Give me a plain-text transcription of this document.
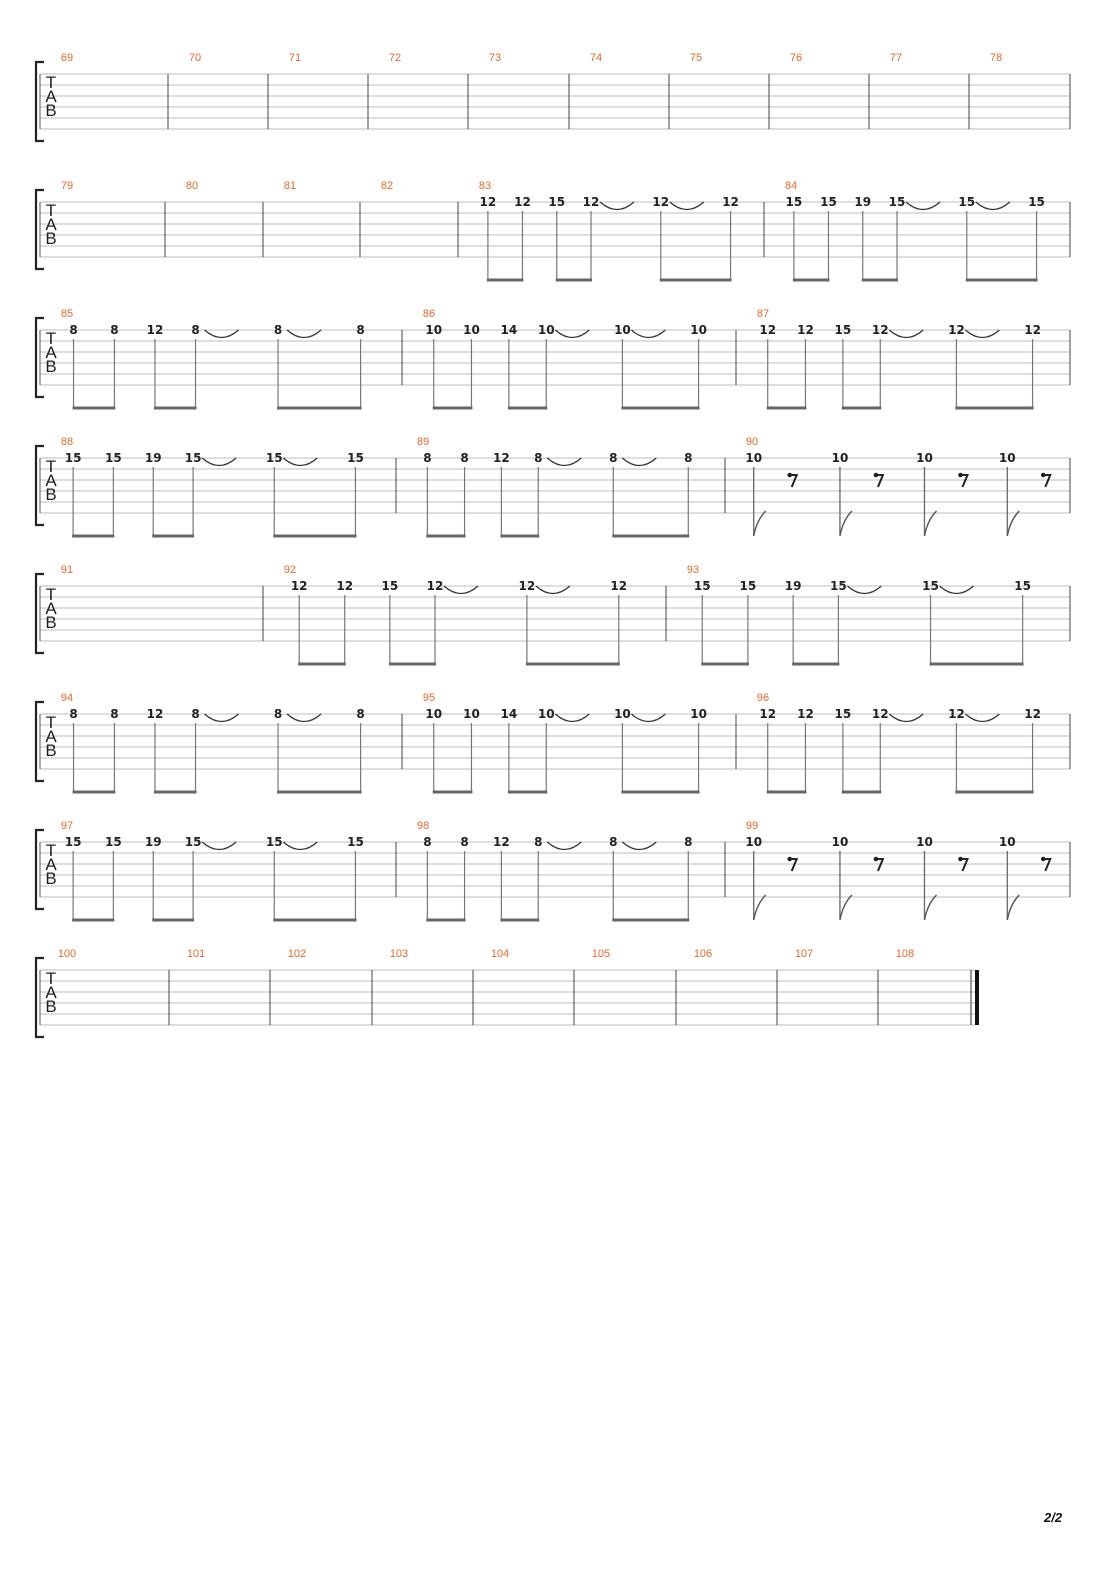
T
A
B
69	70	71	72	73	74	75	76	77	78
T
A
B
79	80	81	82	83
12 12 15 12	12	12
84
15 15 19 15	15	15
T
A
B
85
8	8 12 8	8	8
86
10 10 14 10	10	10
87
12 12 15 12	12	12
T
A
B
88
15 15 19 15	15	15
89
8 8 12 8	8	8
90
10	10	10	10
T
A
B
91	92
12 12 15 12	12	12
93
15 15 19 15	15	15
T
A
B
94
8	8 12 8	8	8
95
10 10 14 10	10	10
96
12 12 15 12	12	12
T
A
B
97
15 15 19 15	15	15
98
8 8 12 8	8	8
99
10	10	10	10
T
A
B
100	101	102	103	104	105	106	107	108
2/2
